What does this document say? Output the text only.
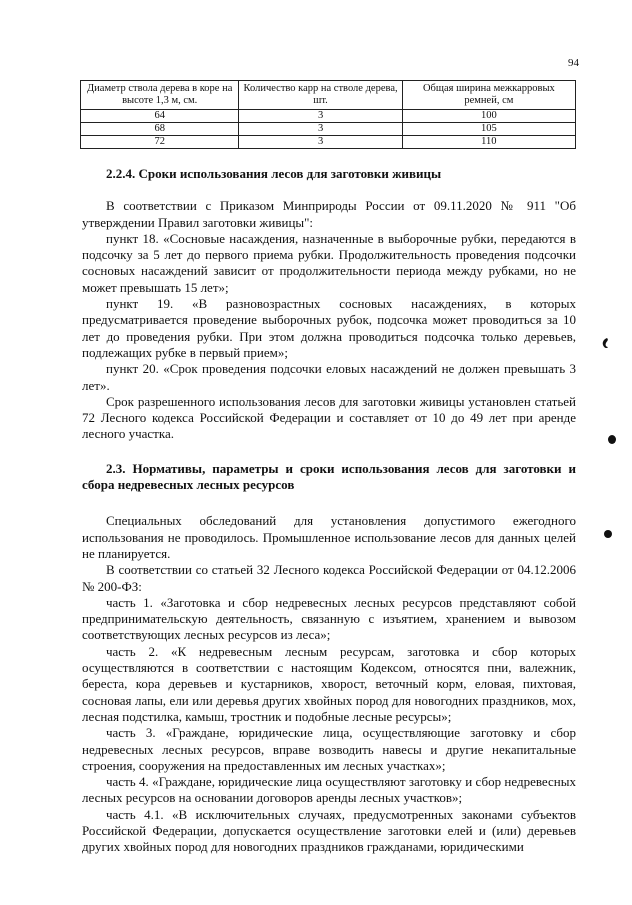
94
Диаметр ствола дерева в коре на высоте 1,3 м, см.	Количество карр на стволе дерева, шт.	Общая ширина межкарровых ремней, см
64	3	100
68	3	105
72	3	110

2.2.4. Сроки использования лесов для заготовки живицы

В соответствии с Приказом Минприроды России от 09.11.2020 № 911 "Об утверждении Правил заготовки живицы":

пункт 18. «Сосновые насаждения, назначенные в выборочные рубки, передаются в подсочку за 5 лет до первого приема рубки. Продолжительность проведения подсочки сосновых насаждений зависит от продолжительности периода между рубками, но не может превышать 15 лет»;

пункт 19. «В разновозрастных сосновых насаждениях, в которых предусматривается проведение выборочных рубок, подсочка может проводиться за 10 лет до проведения рубки. При этом должна проводиться подсочка только деревьев, подлежащих рубке в первый прием»;

пункт 20. «Срок проведения подсочки еловых насаждений не должен превышать 3 лет».

Срок разрешенного использования лесов для заготовки живицы установлен статьей 72 Лесного кодекса Российской Федерации и составляет от 10 до 49 лет при аренде лесного участка.

2.3. Нормативы, параметры и сроки использования лесов для заготовки и сбора недревесных лесных ресурсов

Специальных обследований для установления допустимого ежегодного использования не проводилось. Промышленное использование лесов для данных целей не планируется.

В соответствии со статьей 32 Лесного кодекса Российской Федерации от 04.12.2006 № 200-ФЗ:

часть 1. «Заготовка и сбор недревесных лесных ресурсов представляют собой предпринимательскую деятельность, связанную с изъятием, хранением и вывозом соответствующих лесных ресурсов из леса»;

часть 2. «К недревесным лесным ресурсам, заготовка и сбор которых осуществляются в соответствии с настоящим Кодексом, относятся пни, валежник, береста, кора деревьев и кустарников, хворост, веточный корм, еловая, пихтовая, сосновая лапы, ели или деревья других хвойных пород для новогодних праздников, мох, лесная подстилка, камыш, тростник и подобные лесные ресурсы»;

часть 3. «Граждане, юридические лица, осуществляющие заготовку и сбор недревесных лесных ресурсов, вправе возводить навесы и другие некапитальные строения, сооружения на предоставленных им лесных участках»;

часть 4. «Граждане, юридические лица осуществляют заготовку и сбор недревесных лесных ресурсов на основании договоров аренды лесных участков»;

часть 4.1. «В исключительных случаях, предусмотренных законами субъектов Российской Федерации, допускается осуществление заготовки елей и (или) деревьев других хвойных пород для новогодних праздников гражданами, юридическими
